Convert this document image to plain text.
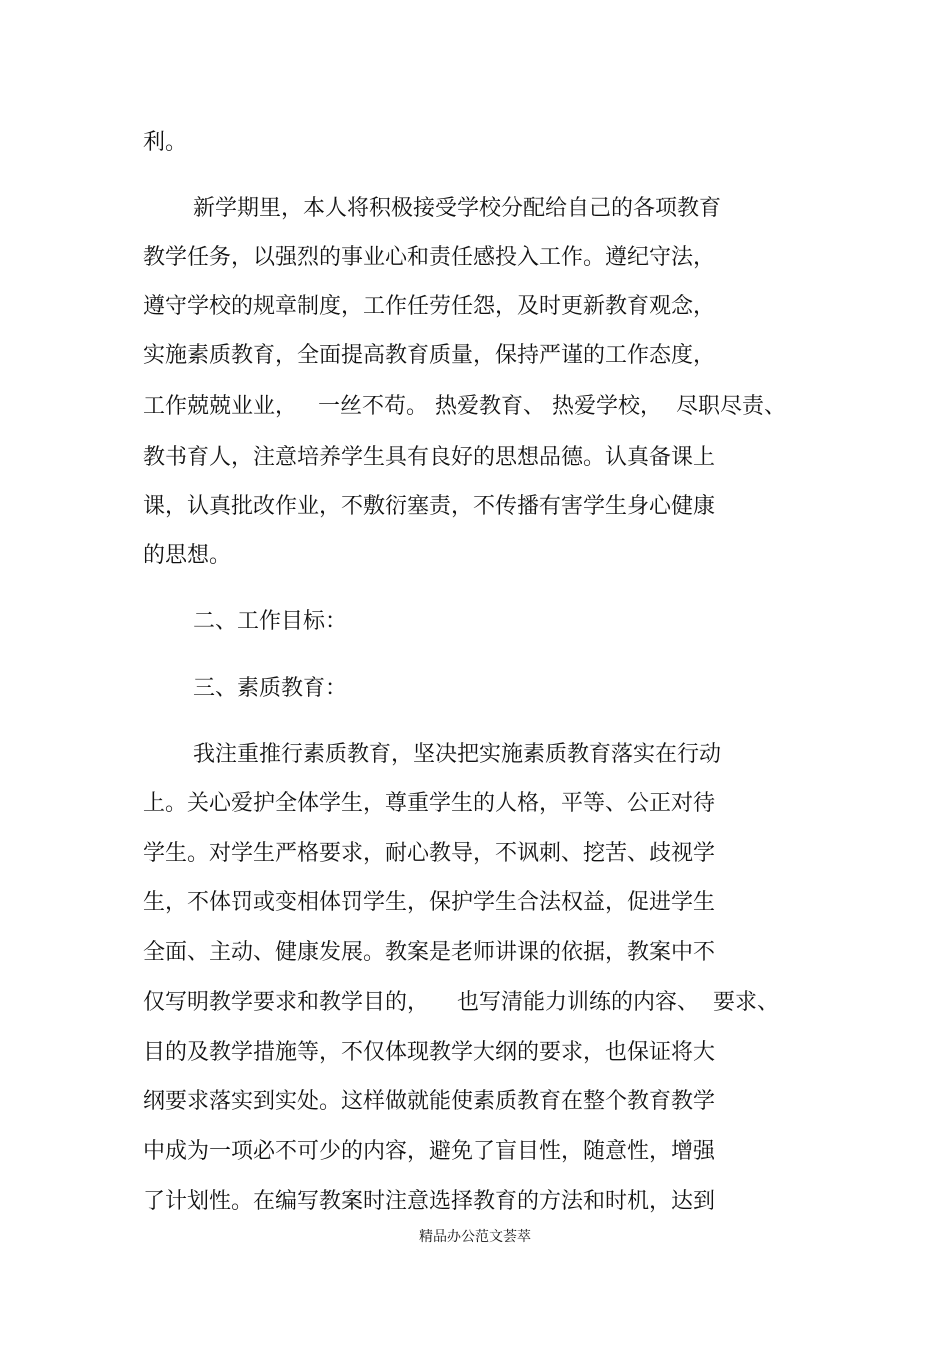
利。
新学期里，本人将积极接受学校分配给自己的各项教育
教学任务，以强烈的事业心和责任感投入工作。遵纪守法，
遵守学校的规章制度，工作任劳任怨，及时更新教育观念，
实施素质教育，全面提高教育质量，保持严谨的工作态度，
工作兢兢业业，   一丝不苟。 热爱教育、 热爱学校，  尽职尽责、
教书育人，注意培养学生具有良好的思想品德。认真备课上
课，认真批改作业，不敷衍塞责，不传播有害学生身心健康
的思想。
二、工作目标：
三、素质教育：
我注重推行素质教育，坚决把实施素质教育落实在行动
上。关心爱护全体学生，尊重学生的人格，平等、公正对待
学生。对学生严格要求，耐心教导，不讽刺、挖苦、歧视学
生，不体罚或变相体罚学生，保护学生合法权益，促进学生
全面、主动、健康发展。教案是老师讲课的依据，教案中不
仅写明教学要求和教学目的，    也写清能力训练的内容、  要求、
目的及教学措施等，不仅体现教学大纲的要求，也保证将大
纲要求落实到实处。这样做就能使素质教育在整个教育教学
中成为一项必不可少的内容，避免了盲目性，随意性，增强
了计划性。在编写教案时注意选择教育的方法和时机，达到
精品办公范文荟萃
